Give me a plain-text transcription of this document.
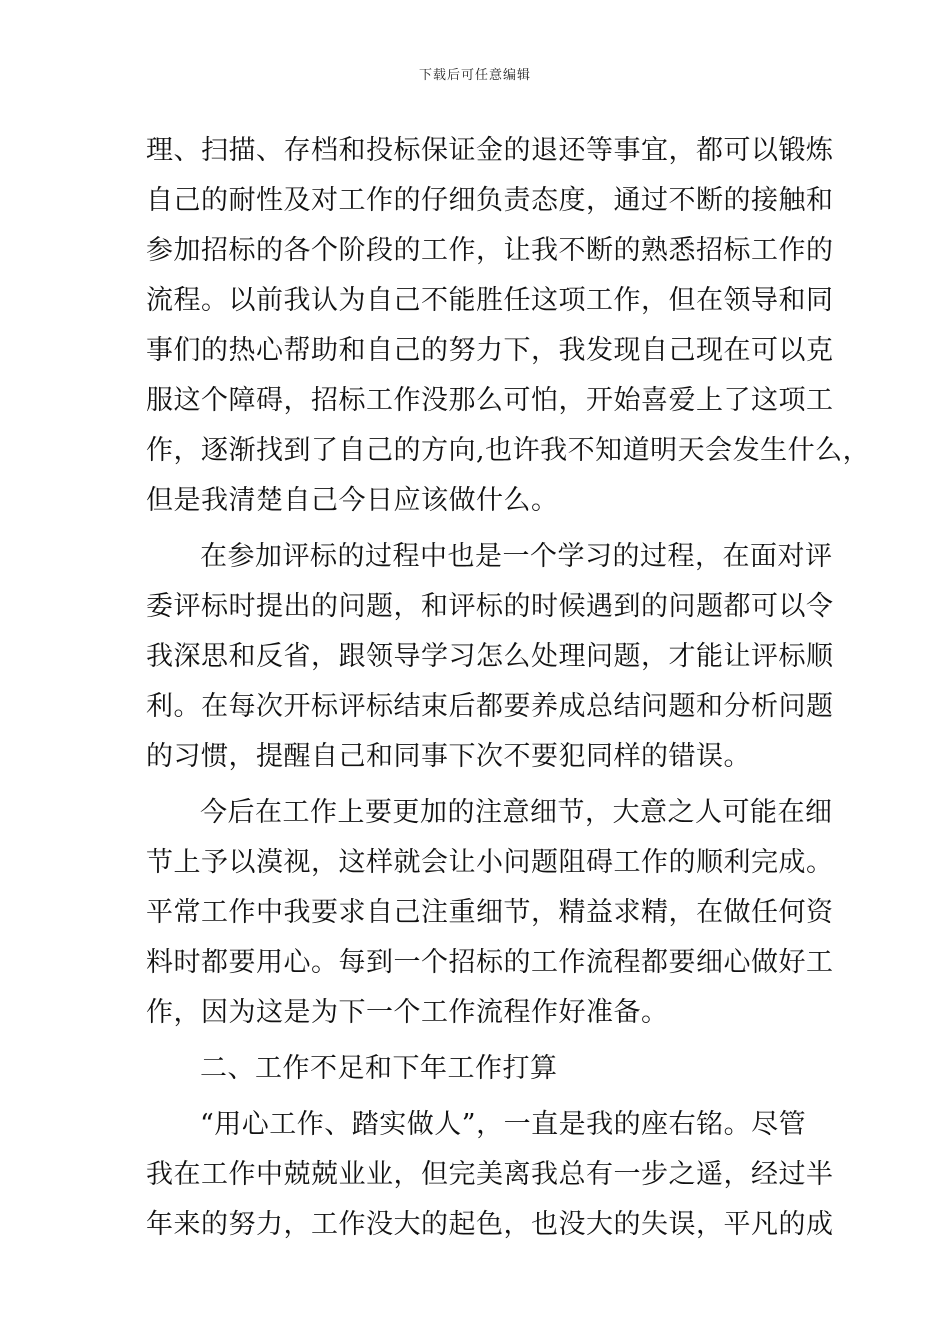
下载后可任意编辑
理、扫描、存档和投标保证金的退还等事宜，都可以锻炼
自己的耐性及对工作的仔细负责态度，通过不断的接触和
参加招标的各个阶段的工作，让我不断的熟悉招标工作的
流程。以前我认为自己不能胜任这项工作，但在领导和同
事们的热心帮助和自己的努力下，我发现自己现在可以克
服这个障碍，招标工作没那么可怕，开始喜爱上了这项工
作，逐渐找到了自己的方向,也许我不知道明天会发生什么，
但是我清楚自己今日应该做什么。
在参加评标的过程中也是一个学习的过程，在面对评
委评标时提出的问题，和评标的时候遇到的问题都可以令
我深思和反省，跟领导学习怎么处理问题，才能让评标顺
利。在每次开标评标结束后都要养成总结问题和分析问题
的习惯，提醒自己和同事下次不要犯同样的错误。
今后在工作上要更加的注意细节，大意之人可能在细
节上予以漠视，这样就会让小问题阻碍工作的顺利完成。
平常工作中我要求自己注重细节，精益求精，在做任何资
料时都要用心。每到一个招标的工作流程都要细心做好工
作，因为这是为下一个工作流程作好准备。
二、工作不足和下年工作打算
“用心工作、踏实做人”，一直是我的座右铭。尽管
我在工作中兢兢业业，但完美离我总有一步之遥，经过半
年来的努力，工作没大的起色，也没大的失误，平凡的成
